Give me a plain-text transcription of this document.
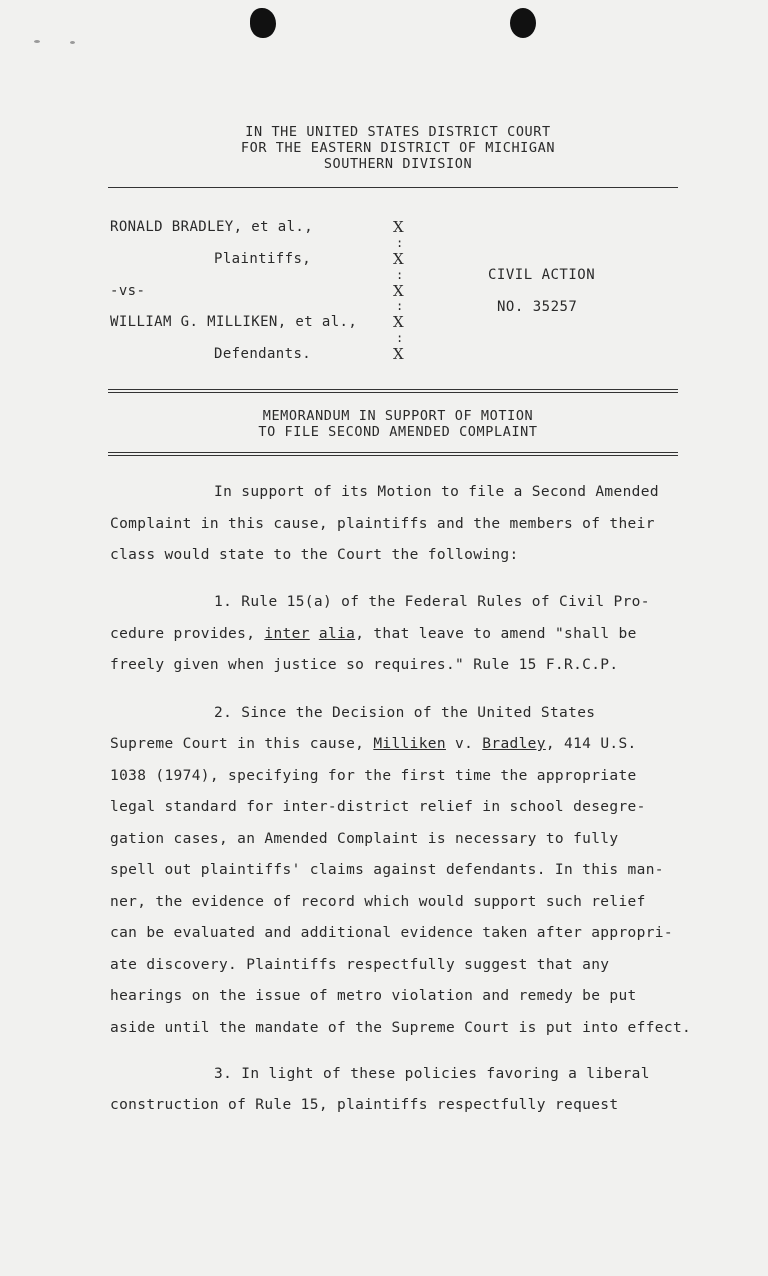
IN THE UNITED STATES DISTRICT COURT
FOR THE EASTERN DISTRICT OF MICHIGAN
SOUTHERN DIVISION
RONALD BRADLEY, et al.,
Plaintiffs,
-vs-
WILLIAM G. MILLIKEN, et al.,
Defendants.
X
:
X
:
X
:
X
:
X
CIVIL ACTION
NO. 35257
MEMORANDUM IN SUPPORT OF MOTION
TO FILE SECOND AMENDED COMPLAINT
In support of its Motion to file a Second Amended
Complaint in this cause, plaintiffs and the members of their
class would state to the Court the following:
1. Rule 15(a) of the Federal Rules of Civil Pro-
cedure provides, inter alia, that leave to amend "shall be
freely given when justice so requires." Rule 15 F.R.C.P.
2. Since the Decision of the United States
Supreme Court in this cause, Milliken v. Bradley, 414 U.S.
1038 (1974), specifying for the first time the appropriate
legal standard for inter-district relief in school desegre-
gation cases, an Amended Complaint is necessary to fully
spell out plaintiffs' claims against defendants. In this man-
ner, the evidence of record which would support such relief
can be evaluated and additional evidence taken after appropri-
ate discovery. Plaintiffs respectfully suggest that any
hearings on the issue of metro violation and remedy be put
aside until the mandate of the Supreme Court is put into effect.
3. In light of these policies favoring a liberal
construction of Rule 15, plaintiffs respectfully request
